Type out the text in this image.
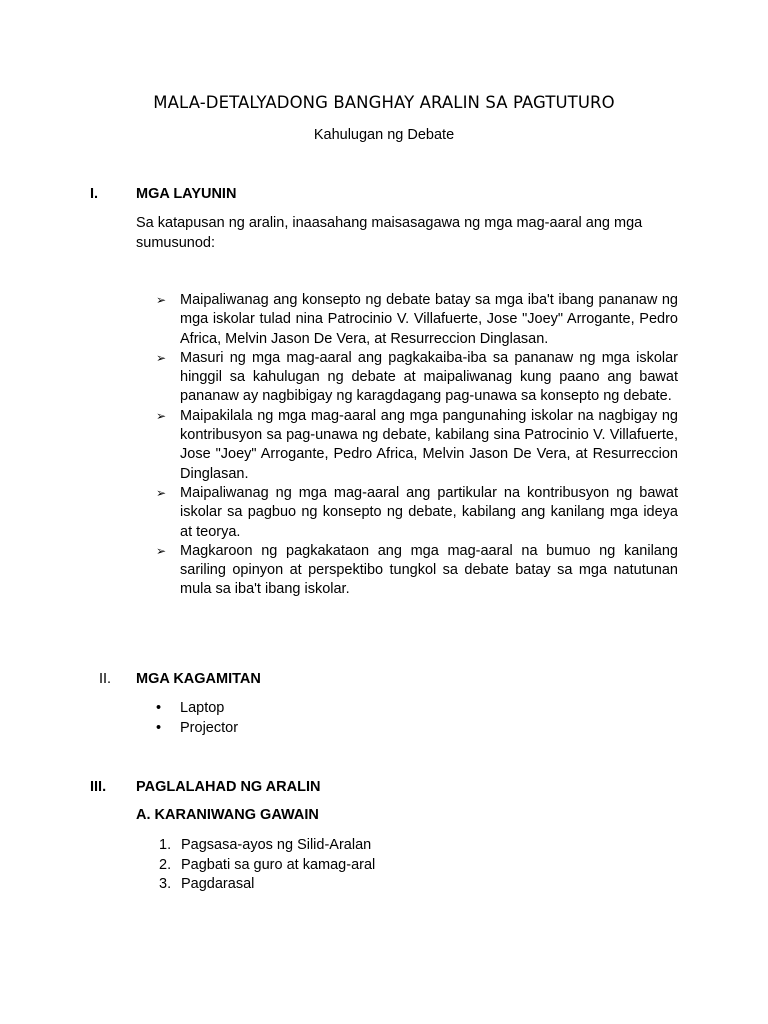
MALA-DETALYADONG BANGHAY ARALIN SA PAGTUTURO
Kahulugan ng Debate
I.	MGA LAYUNIN

Sa katapusan ng aralin, inaasahang maisasagawa ng mga mag-aaral ang mga sumusunod:

➢ Maipaliwanag ang konsepto ng debate batay sa mga iba't ibang pananaw ng mga iskolar tulad nina Patrocinio V. Villafuerte, Jose "Joey" Arrogante, Pedro Africa, Melvin Jason De Vera, at Resurreccion Dinglasan.
➢ Masuri ng mga mag-aaral ang pagkakaiba-iba sa pananaw ng mga iskolar hinggil sa kahulugan ng debate at maipaliwanag kung paano ang bawat pananaw ay nagbibigay ng karagdagang pag-unawa sa konsepto ng debate.
➢ Maipakilala ng mga mag-aaral ang mga pangunahing iskolar na nagbigay ng kontribusyon sa pag-unawa ng debate, kabilang sina Patrocinio V. Villafuerte, Jose "Joey" Arrogante, Pedro Africa, Melvin Jason De Vera, at Resurreccion Dinglasan.
➢ Maipaliwanag ng mga mag-aaral ang partikular na kontribusyon ng bawat iskolar sa pagbuo ng konsepto ng debate, kabilang ang kanilang mga ideya at teorya.
➢ Magkaroon ng pagkakataon ang mga mag-aaral na bumuo ng kanilang sariling opinyon at perspektibo tungkol sa debate batay sa mga natutunan mula sa iba't ibang iskolar.
II. MGA KAGAMITAN
• Laptop
• Projector
III. PAGLALAHAD NG ARALIN
A. KARANIWANG GAWAIN
1. Pagsasa-ayos ng Silid-Aralan
2. Pagbati sa guro at kamag-aral
3. Pagdarasal
